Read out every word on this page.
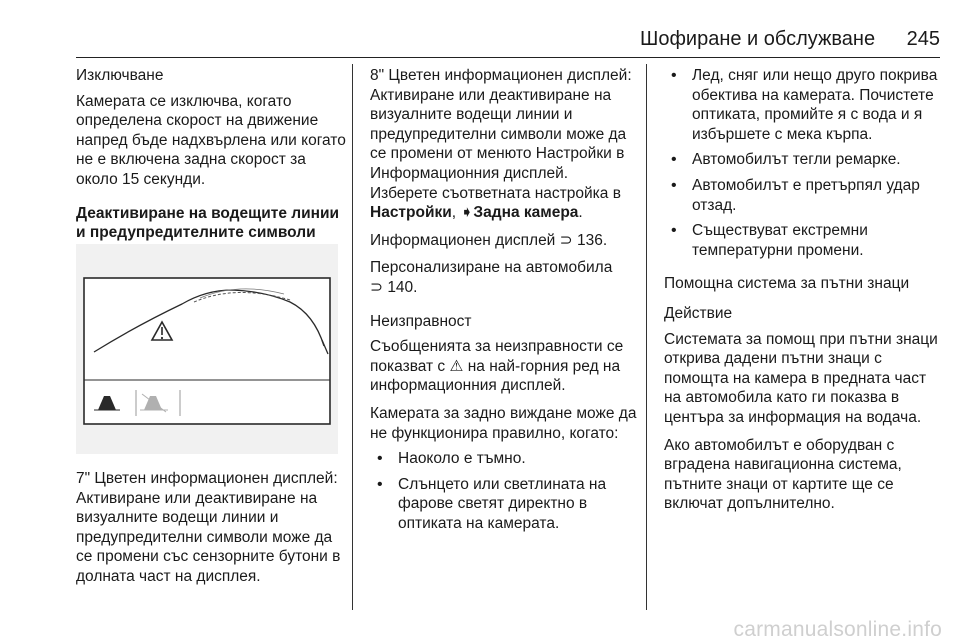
Шофиране и обслужване	245

Изключване

Камерата се изключва, когато определена скорост на движение напред бъде надхвърлена или когато не е включена задна скорост за около 15 секунди.

Деактивиране на водещите линии и предупредителните символи

7" Цветен информационен дисплей: Активиране или деактивиране на визуалните водещи линии и предупредителни символи може да се промени със сензорните бутони в долната част на дисплея.

8" Цветен информационен дисплей: Активиране или деактивиране на визуалните водещи линии и предупредителни символи може да се промени от менюто Настройки в Информационния дисплей.

Изберете съответната настройка в Настройки, ➧Задна камера.

Информационен дисплей ⊃ 136.

Персонализиране на автомобила
⊃ 140.

Неизправност

Съобщенията за неизправности се показват с ⚠ на най-горния ред на информационния дисплей.

Камерата за задно виждане може да не функционира правилно, когато:

• Наоколо е тъмно.
• Слънцето или светлината на фарове светят директно в оптиката на камерата.
• Лед, сняг или нещо друго покрива обектива на камерата. Почистете оптиката, промийте я с вода и я избършете с мека кърпа.
• Автомобилът тегли ремарке.
• Автомобилът е претърпял удар отзад.
• Съществуват екстремни температурни промени.

Помощна система за пътни знаци

Действие

Системата за помощ при пътни знаци открива дадени пътни знаци с помощта на камера в предната част на автомобила като ги показва в центъра за информация на водача.

Ако автомобилът е оборудван с вградена навигационна система, пътните знаци от картите ще се включат допълнително.

carmanualsonline.info
